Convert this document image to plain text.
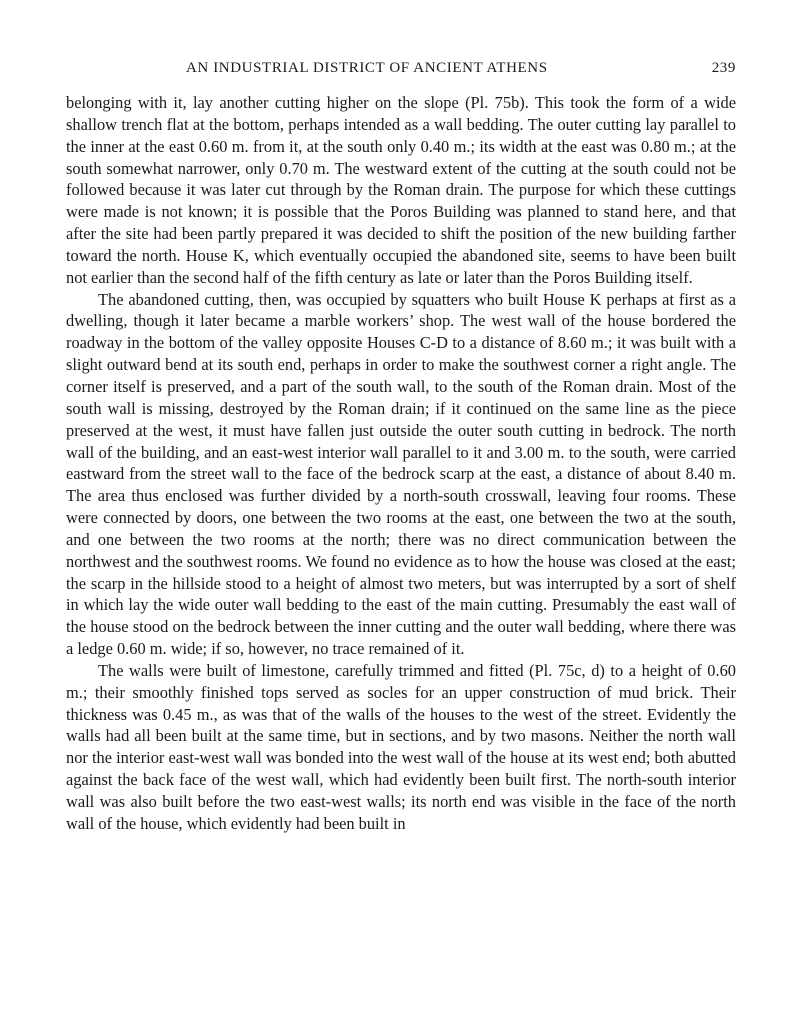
AN INDUSTRIAL DISTRICT OF ANCIENT ATHENS	239

belonging with it, lay another cutting higher on the slope (Pl. 75b). This took the form of a wide shallow trench flat at the bottom, perhaps intended as a wall bedding. The outer cutting lay parallel to the inner at the east 0.60 m. from it, at the south only 0.40 m.; its width at the east was 0.80 m.; at the south somewhat narrower, only 0.70 m. The westward extent of the cutting at the south could not be followed because it was later cut through by the Roman drain. The purpose for which these cuttings were made is not known; it is possible that the Poros Building was planned to stand here, and that after the site had been partly prepared it was decided to shift the position of the new building farther toward the north. House K, which eventually occupied the abandoned site, seems to have been built not earlier than the second half of the fifth century as late or later than the Poros Building itself.

The abandoned cutting, then, was occupied by squatters who built House K perhaps at first as a dwelling, though it later became a marble workers’ shop. The west wall of the house bordered the roadway in the bottom of the valley opposite Houses C-D to a distance of 8.60 m.; it was built with a slight outward bend at its south end, perhaps in order to make the southwest corner a right angle. The corner itself is preserved, and a part of the south wall, to the south of the Roman drain. Most of the south wall is missing, destroyed by the Roman drain; if it continued on the same line as the piece preserved at the west, it must have fallen just outside the outer south cutting in bedrock. The north wall of the building, and an east-west interior wall parallel to it and 3.00 m. to the south, were carried eastward from the street wall to the face of the bedrock scarp at the east, a distance of about 8.40 m. The area thus enclosed was further divided by a north-south crosswall, leaving four rooms. These were connected by doors, one between the two rooms at the east, one between the two at the south, and one between the two rooms at the north; there was no direct communication between the northwest and the southwest rooms. We found no evidence as to how the house was closed at the east; the scarp in the hillside stood to a height of almost two meters, but was interrupted by a sort of shelf in which lay the wide outer wall bedding to the east of the main cutting. Presumably the east wall of the house stood on the bedrock between the inner cutting and the outer wall bedding, where there was a ledge 0.60 m. wide; if so, however, no trace remained of it.

The walls were built of limestone, carefully trimmed and fitted (Pl. 75c, d) to a height of 0.60 m.; their smoothly finished tops served as socles for an upper construction of mud brick. Their thickness was 0.45 m., as was that of the walls of the houses to the west of the street. Evidently the walls had all been built at the same time, but in sections, and by two masons. Neither the north wall nor the interior east-west wall was bonded into the west wall of the house at its west end; both abutted against the back face of the west wall, which had evidently been built first. The north-south interior wall was also built before the two east-west walls; its north end was visible in the face of the north wall of the house, which evidently had been built in
